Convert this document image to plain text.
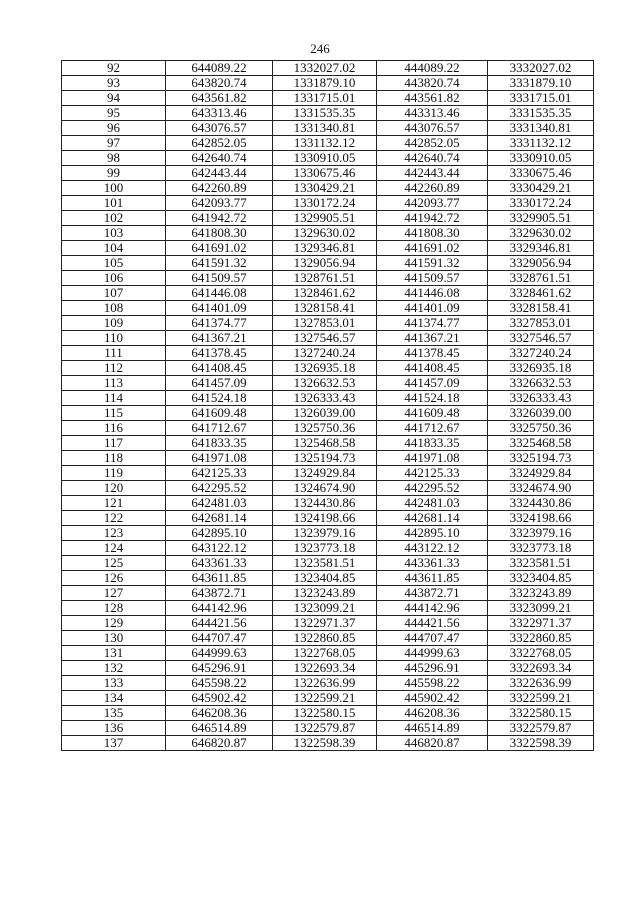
246
92	644089.22	1332027.02	444089.22	3332027.02
93	643820.74	1331879.10	443820.74	3331879.10
94	643561.82	1331715.01	443561.82	3331715.01
95	643313.46	1331535.35	443313.46	3331535.35
96	643076.57	1331340.81	443076.57	3331340.81
97	642852.05	1331132.12	442852.05	3331132.12
98	642640.74	1330910.05	442640.74	3330910.05
99	642443.44	1330675.46	442443.44	3330675.46
100	642260.89	1330429.21	442260.89	3330429.21
101	642093.77	1330172.24	442093.77	3330172.24
102	641942.72	1329905.51	441942.72	3329905.51
103	641808.30	1329630.02	441808.30	3329630.02
104	641691.02	1329346.81	441691.02	3329346.81
105	641591.32	1329056.94	441591.32	3329056.94
106	641509.57	1328761.51	441509.57	3328761.51
107	641446.08	1328461.62	441446.08	3328461.62
108	641401.09	1328158.41	441401.09	3328158.41
109	641374.77	1327853.01	441374.77	3327853.01
110	641367.21	1327546.57	441367.21	3327546.57
111	641378.45	1327240.24	441378.45	3327240.24
112	641408.45	1326935.18	441408.45	3326935.18
113	641457.09	1326632.53	441457.09	3326632.53
114	641524.18	1326333.43	441524.18	3326333.43
115	641609.48	1326039.00	441609.48	3326039.00
116	641712.67	1325750.36	441712.67	3325750.36
117	641833.35	1325468.58	441833.35	3325468.58
118	641971.08	1325194.73	441971.08	3325194.73
119	642125.33	1324929.84	442125.33	3324929.84
120	642295.52	1324674.90	442295.52	3324674.90
121	642481.03	1324430.86	442481.03	3324430.86
122	642681.14	1324198.66	442681.14	3324198.66
123	642895.10	1323979.16	442895.10	3323979.16
124	643122.12	1323773.18	443122.12	3323773.18
125	643361.33	1323581.51	443361.33	3323581.51
126	643611.85	1323404.85	443611.85	3323404.85
127	643872.71	1323243.89	443872.71	3323243.89
128	644142.96	1323099.21	444142.96	3323099.21
129	644421.56	1322971.37	444421.56	3322971.37
130	644707.47	1322860.85	444707.47	3322860.85
131	644999.63	1322768.05	444999.63	3322768.05
132	645296.91	1322693.34	445296.91	3322693.34
133	645598.22	1322636.99	445598.22	3322636.99
134	645902.42	1322599.21	445902.42	3322599.21
135	646208.36	1322580.15	446208.36	3322580.15
136	646514.89	1322579.87	446514.89	3322579.87
137	646820.87	1322598.39	446820.87	3322598.39
